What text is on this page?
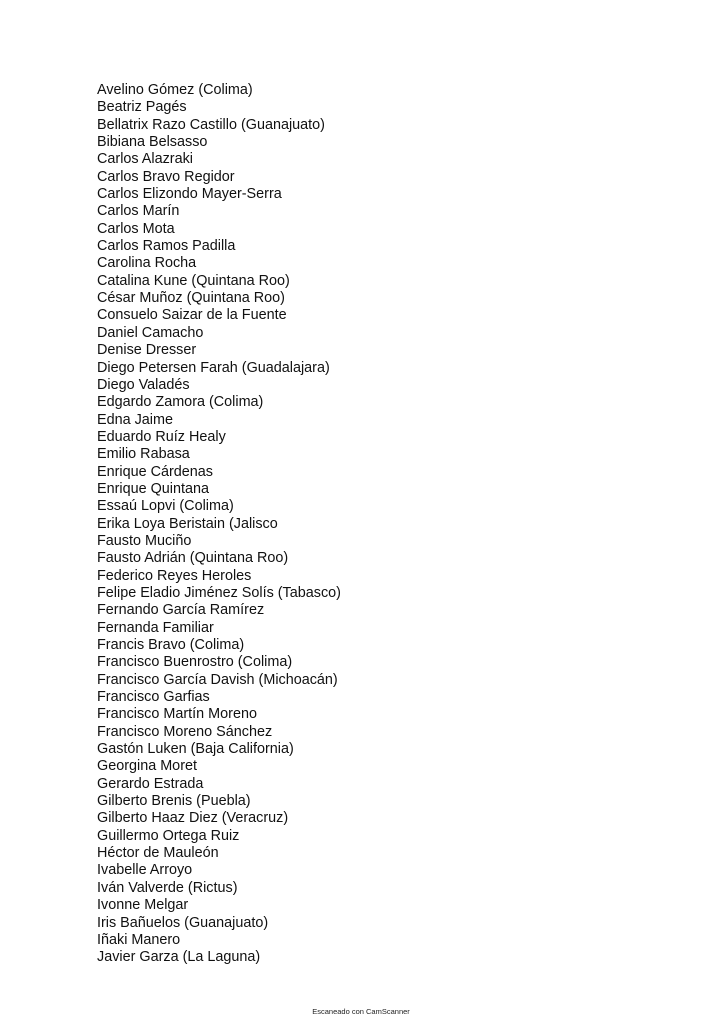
Avelino Gómez (Colima)
Beatriz Pagés
Bellatrix Razo Castillo (Guanajuato)
Bibiana Belsasso
Carlos Alazraki
Carlos Bravo Regidor
Carlos Elizondo Mayer-Serra
Carlos Marín
Carlos Mota
Carlos Ramos Padilla
Carolina Rocha
Catalina Kune (Quintana Roo)
César Muñoz (Quintana Roo)
Consuelo Saizar de la Fuente
Daniel Camacho
Denise Dresser
Diego Petersen Farah (Guadalajara)
Diego Valadés
Edgardo Zamora (Colima)
Edna Jaime
Eduardo Ruíz Healy
Emilio Rabasa
Enrique Cárdenas
Enrique Quintana
Essaú Lopvi (Colima)
Erika Loya Beristain (Jalisco
Fausto Muciño
Fausto Adrián (Quintana Roo)
Federico Reyes Heroles
Felipe Eladio Jiménez Solís (Tabasco)
Fernando García Ramírez
Fernanda Familiar
Francis Bravo (Colima)
Francisco Buenrostro (Colima)
Francisco García Davish (Michoacán)
Francisco Garfias
Francisco Martín Moreno
Francisco Moreno Sánchez
Gastón Luken (Baja California)
Georgina Moret
Gerardo Estrada
Gilberto Brenis (Puebla)
Gilberto Haaz Diez (Veracruz)
Guillermo Ortega Ruiz
Héctor de Mauleón
Ivabelle Arroyo
Iván Valverde (Rictus)
Ivonne Melgar
Iris Bañuelos (Guanajuato)
Iñaki Manero
Javier Garza (La Laguna)
Escaneado con CamScanner
